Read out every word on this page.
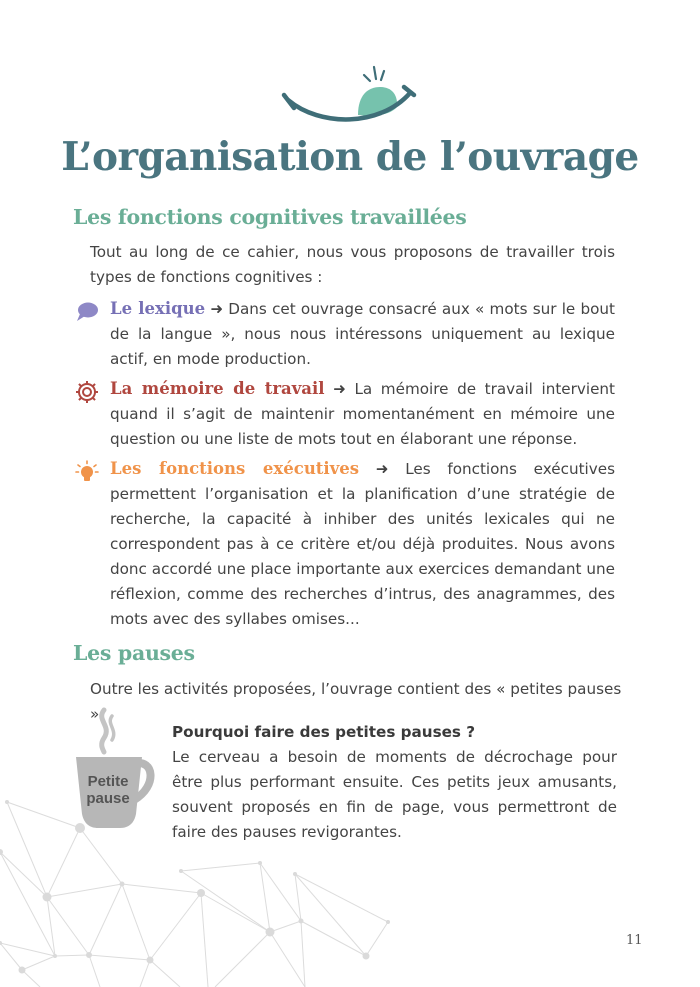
L’organisation de l’ouvrage
Les fonctions cognitives travaillées

Tout au long de ce cahier, nous vous proposons de travailler trois types de fonctions cognitives :

Le lexique ➜ Dans cet ouvrage consacré aux « mots sur le bout de la langue », nous nous intéressons uniquement au lexique actif, en mode production.

La mémoire de travail ➜ La mémoire de travail intervient quand il s’agit de maintenir momentanément en mémoire une question ou une liste de mots tout en élaborant une réponse.

Les fonctions exécutives ➜ Les fonctions exécutives permettent l’organisation et la planification d’une stratégie de recherche, la capacité à inhiber des unités lexicales qui ne correspondent pas à ce critère et/ou déjà produites. Nous avons donc accordé une place importante aux exercices demandant une réflexion, comme des recherches d’intrus, des anagrammes, des mots avec des syllabes omises...

Les pauses

Outre les activités proposées, l’ouvrage contient des « petites pauses ».

Petite
pause

Pourquoi faire des petites pauses ?

Le cerveau a besoin de moments de décrochage pour être plus performant ensuite. Ces petits jeux amusants, souvent proposés en fin de page, vous permettront de faire des pauses revigorantes.

11
